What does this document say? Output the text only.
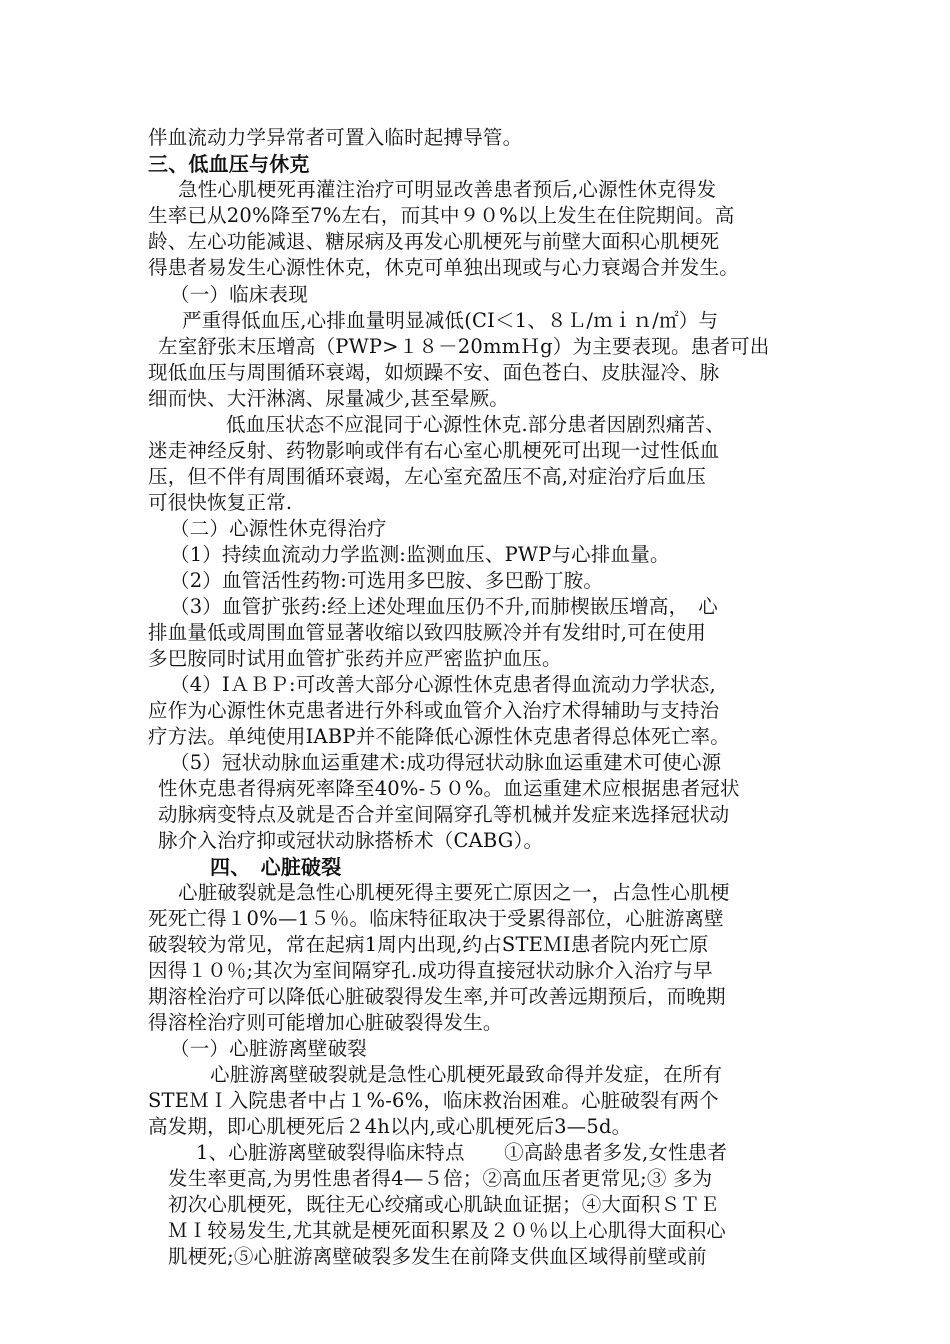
伴血流动力学异常者可置入临时起搏导管。
三、低血压与休克
急性心肌梗死再灌注治疗可明显改善患者预后,心源性休克得发
生率已从20%降至7%左右，而其中９０%以上发生在住院期间。高
龄、左心功能减退、糖尿病及再发心肌梗死与前壁大面积心肌梗死
得患者易发生心源性休克，休克可单独出现或与心力衰竭合并发生。
（一）临床表现
严重得低血压,心排血量明显减低(CI＜1、８Ｌ/ｍｉｎ/㎡）与
左室舒张末压增高（PWP>１８－20mmＨg）为主要表现。患者可出
现低血压与周围循环衰竭，如烦躁不安、面色苍白、皮肤湿冷、脉
细而快、大汗淋漓、尿量减少,甚至晕厥。
低血压状态不应混同于心源性休克.部分患者因剧烈痛苦、
迷走神经反射、药物影响或伴有右心室心肌梗死可出现一过性低血
压，但不伴有周围循环衰竭，左心室充盈压不高,对症治疗后血压
可很快恢复正常.
（二）心源性休克得治疗
（1）持续血流动力学监测:监测血压、PWP与心排血量。
（2）血管活性药物:可选用多巴胺、多巴酚丁胺。
（3）血管扩张药:经上述处理血压仍不升,而肺楔嵌压增高，　心
排血量低或周围血管显著收缩以致四肢厥冷并有发绀时,可在使用
多巴胺同时试用血管扩张药并应严密监护血压。
（4）IＡＢＰ:可改善大部分心源性休克患者得血流动力学状态,
应作为心源性休克患者进行外科或血管介入治疗术得辅助与支持治
疗方法。单纯使用IABP并不能降低心源性休克患者得总体死亡率。
（5）冠状动脉血运重建术:成功得冠状动脉血运重建术可使心源
性休克患者得病死率降至40%-５０%。血运重建术应根据患者冠状
动脉病变特点及就是否合并室间隔穿孔等机械并发症来选择冠状动
脉介入治疗抑或冠状动脉搭桥术（CABG）。
四、　心脏破裂
心脏破裂就是急性心肌梗死得主要死亡原因之一，占急性心肌梗
死死亡得１0%—1５％。临床特征取决于受累得部位，心脏游离壁
破裂较为常见，常在起病1周内出现,约占STEＭI患者院内死亡原
因得１０％;其次为室间隔穿孔.成功得直接冠状动脉介入治疗与早
期溶栓治疗可以降低心脏破裂得发生率,并可改善远期预后，而晚期
得溶栓治疗则可能增加心脏破裂得发生。
（一）心脏游离壁破裂
心脏游离壁破裂就是急性心肌梗死最致命得并发症，在所有
STEＭＩ入院患者中占１%-6%，临床救治困难。心脏破裂有两个
高发期，即心肌梗死后２4h以内,或心肌梗死后3—5d。
1、心脏游离壁破裂得临床特点　　①高龄患者多发,女性患者
发生率更高,为男性患者得4—５倍；②高血压者更常见;③ 多为
初次心肌梗死，既往无心绞痛或心肌缺血证据；④大面积ＳＴＥ
ＭＩ较易发生,尤其就是梗死面积累及２０％以上心肌得大面积心
肌梗死;⑤心脏游离壁破裂多发生在前降支供血区域得前壁或前
